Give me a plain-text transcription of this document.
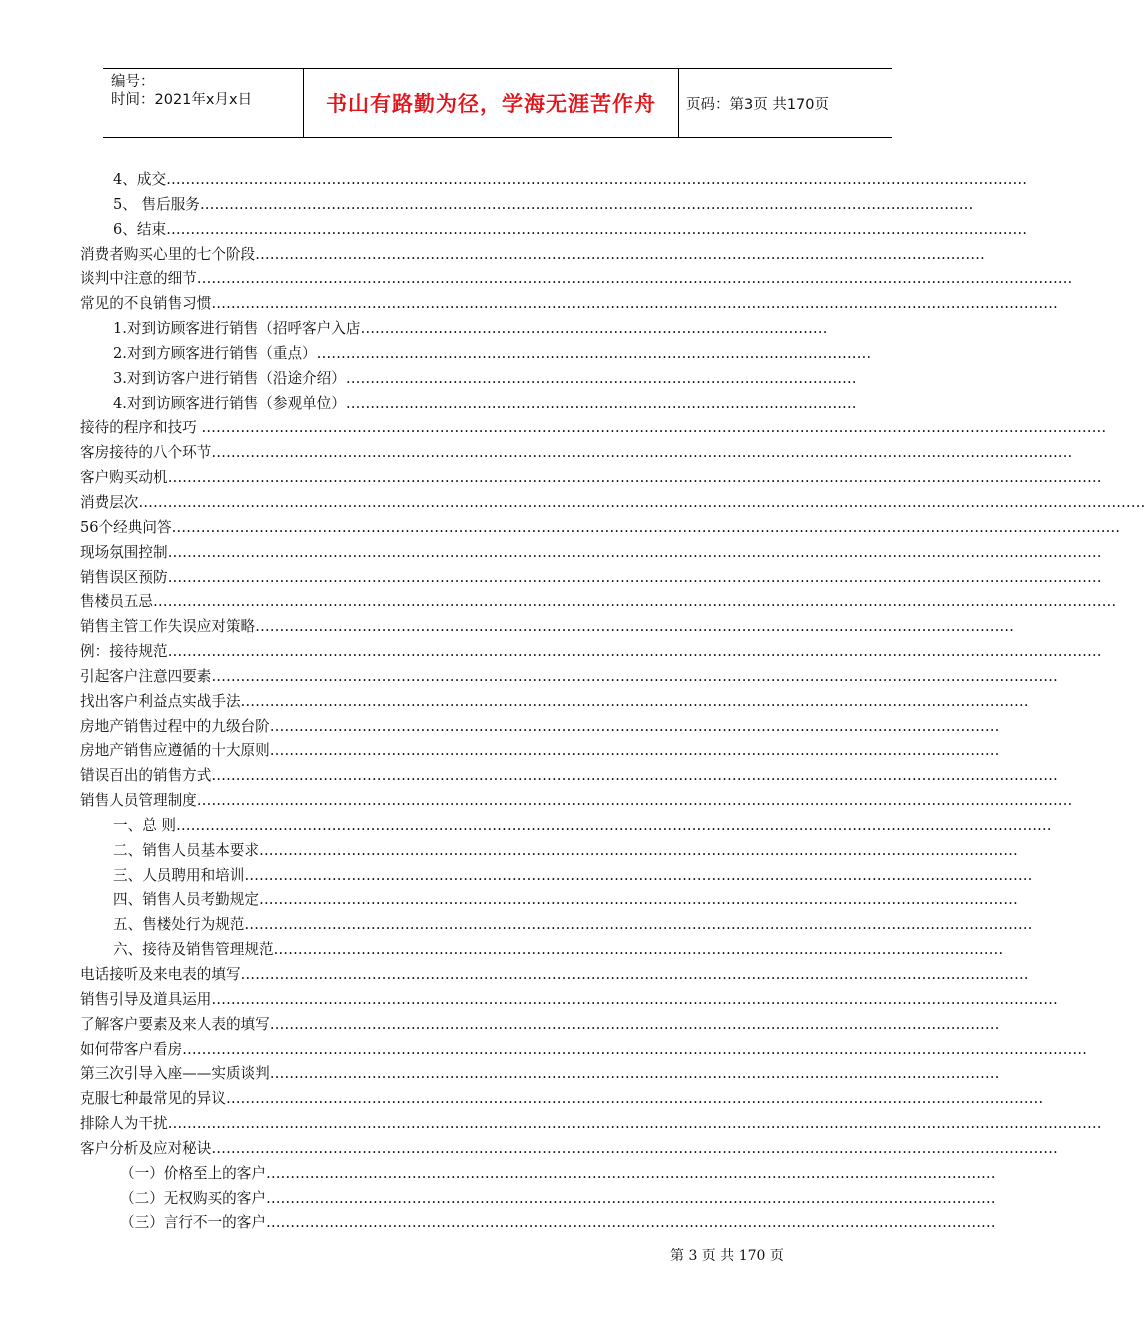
编号：
时间：2021年x月x日	书山有路勤为径，学海无涯苦作舟 页码：第3页 共170页
4、成交……………………………………………………………………………………………………………………………………………………………
5、 售后服务……………………………………………………………………………………………………………………………………………
6、结束……………………………………………………………………………………………………………………………………………………………
消费者购买心里的七个阶段……………………………………………………………………………………………………………………………………
谈判中注意的细节………………………………………………………………………………………………………………………………………………………………
常见的不良销售习惯…………………………………………………………………………………………………………………………………………………………
1.对到访顾客进行销售（招呼客户入店……………………………………………………………………………………
2.对到方顾客进行销售（重点）……………………………………………………………………………………………………
3.对到访客户进行销售（沿途介绍）……………………………………………………………………………………………
4.对到访顾客进行销售（参观单位）……………………………………………………………………………………………
接待的程序和技巧 ……………………………………………………………………………………………………………………………………………………………………
客房接待的八个环节……………………………………………………………………………………………………………………………………………………………
客户购买动机…………………………………………………………………………………………………………………………………………………………………………
消费层次………………………………………………………………………………………………………………………………………………………………………………………
56个经典问答……………………………………………………………………………………………………………………………………………………………………………
现场氛围控制…………………………………………………………………………………………………………………………………………………………………………
销售误区预防…………………………………………………………………………………………………………………………………………………………………………
售楼员五忌………………………………………………………………………………………………………………………………………………………………………………
销售主管工作失误应对策略…………………………………………………………………………………………………………………………………………
例：接待规范…………………………………………………………………………………………………………………………………………………………………………
引起客户注意四要素…………………………………………………………………………………………………………………………………………………………
找出客户利益点实战手法………………………………………………………………………………………………………………………………………………
房地产销售过程中的九级台阶……………………………………………………………………………………………………………………………………
房地产销售应遵循的十大原则……………………………………………………………………………………………………………………………………
错误百出的销售方式…………………………………………………………………………………………………………………………………………………………
销售人员管理制度………………………………………………………………………………………………………………………………………………………………
一、总 则………………………………………………………………………………………………………………………………………………………………
二、销售人员基本要求…………………………………………………………………………………………………………………………………………
三、人员聘用和培训………………………………………………………………………………………………………………………………………………
四、销售人员考勤规定…………………………………………………………………………………………………………………………………………
五、售楼处行为规范………………………………………………………………………………………………………………………………………………
六、接待及销售管理规范……………………………………………………………………………………………………………………………………
电话接听及来电表的填写………………………………………………………………………………………………………………………………………………
销售引导及道具运用…………………………………………………………………………………………………………………………………………………………
了解客户要素及来人表的填写……………………………………………………………………………………………………………………………………
如何带客户看房……………………………………………………………………………………………………………………………………………………………………
第三次引导入座——实质谈判……………………………………………………………………………………………………………………………………
克服七种最常见的异议……………………………………………………………………………………………………………………………………………………
排除人为干扰…………………………………………………………………………………………………………………………………………………………………………
客户分析及应对秘诀…………………………………………………………………………………………………………………………………………………………
（一）价格至上的客户……………………………………………………………………………………………………………………………………
（二）无权购买的客户……………………………………………………………………………………………………………………………………
（三）言行不一的客户……………………………………………………………………………………………………………………………………
第 3 页 共 170 页
